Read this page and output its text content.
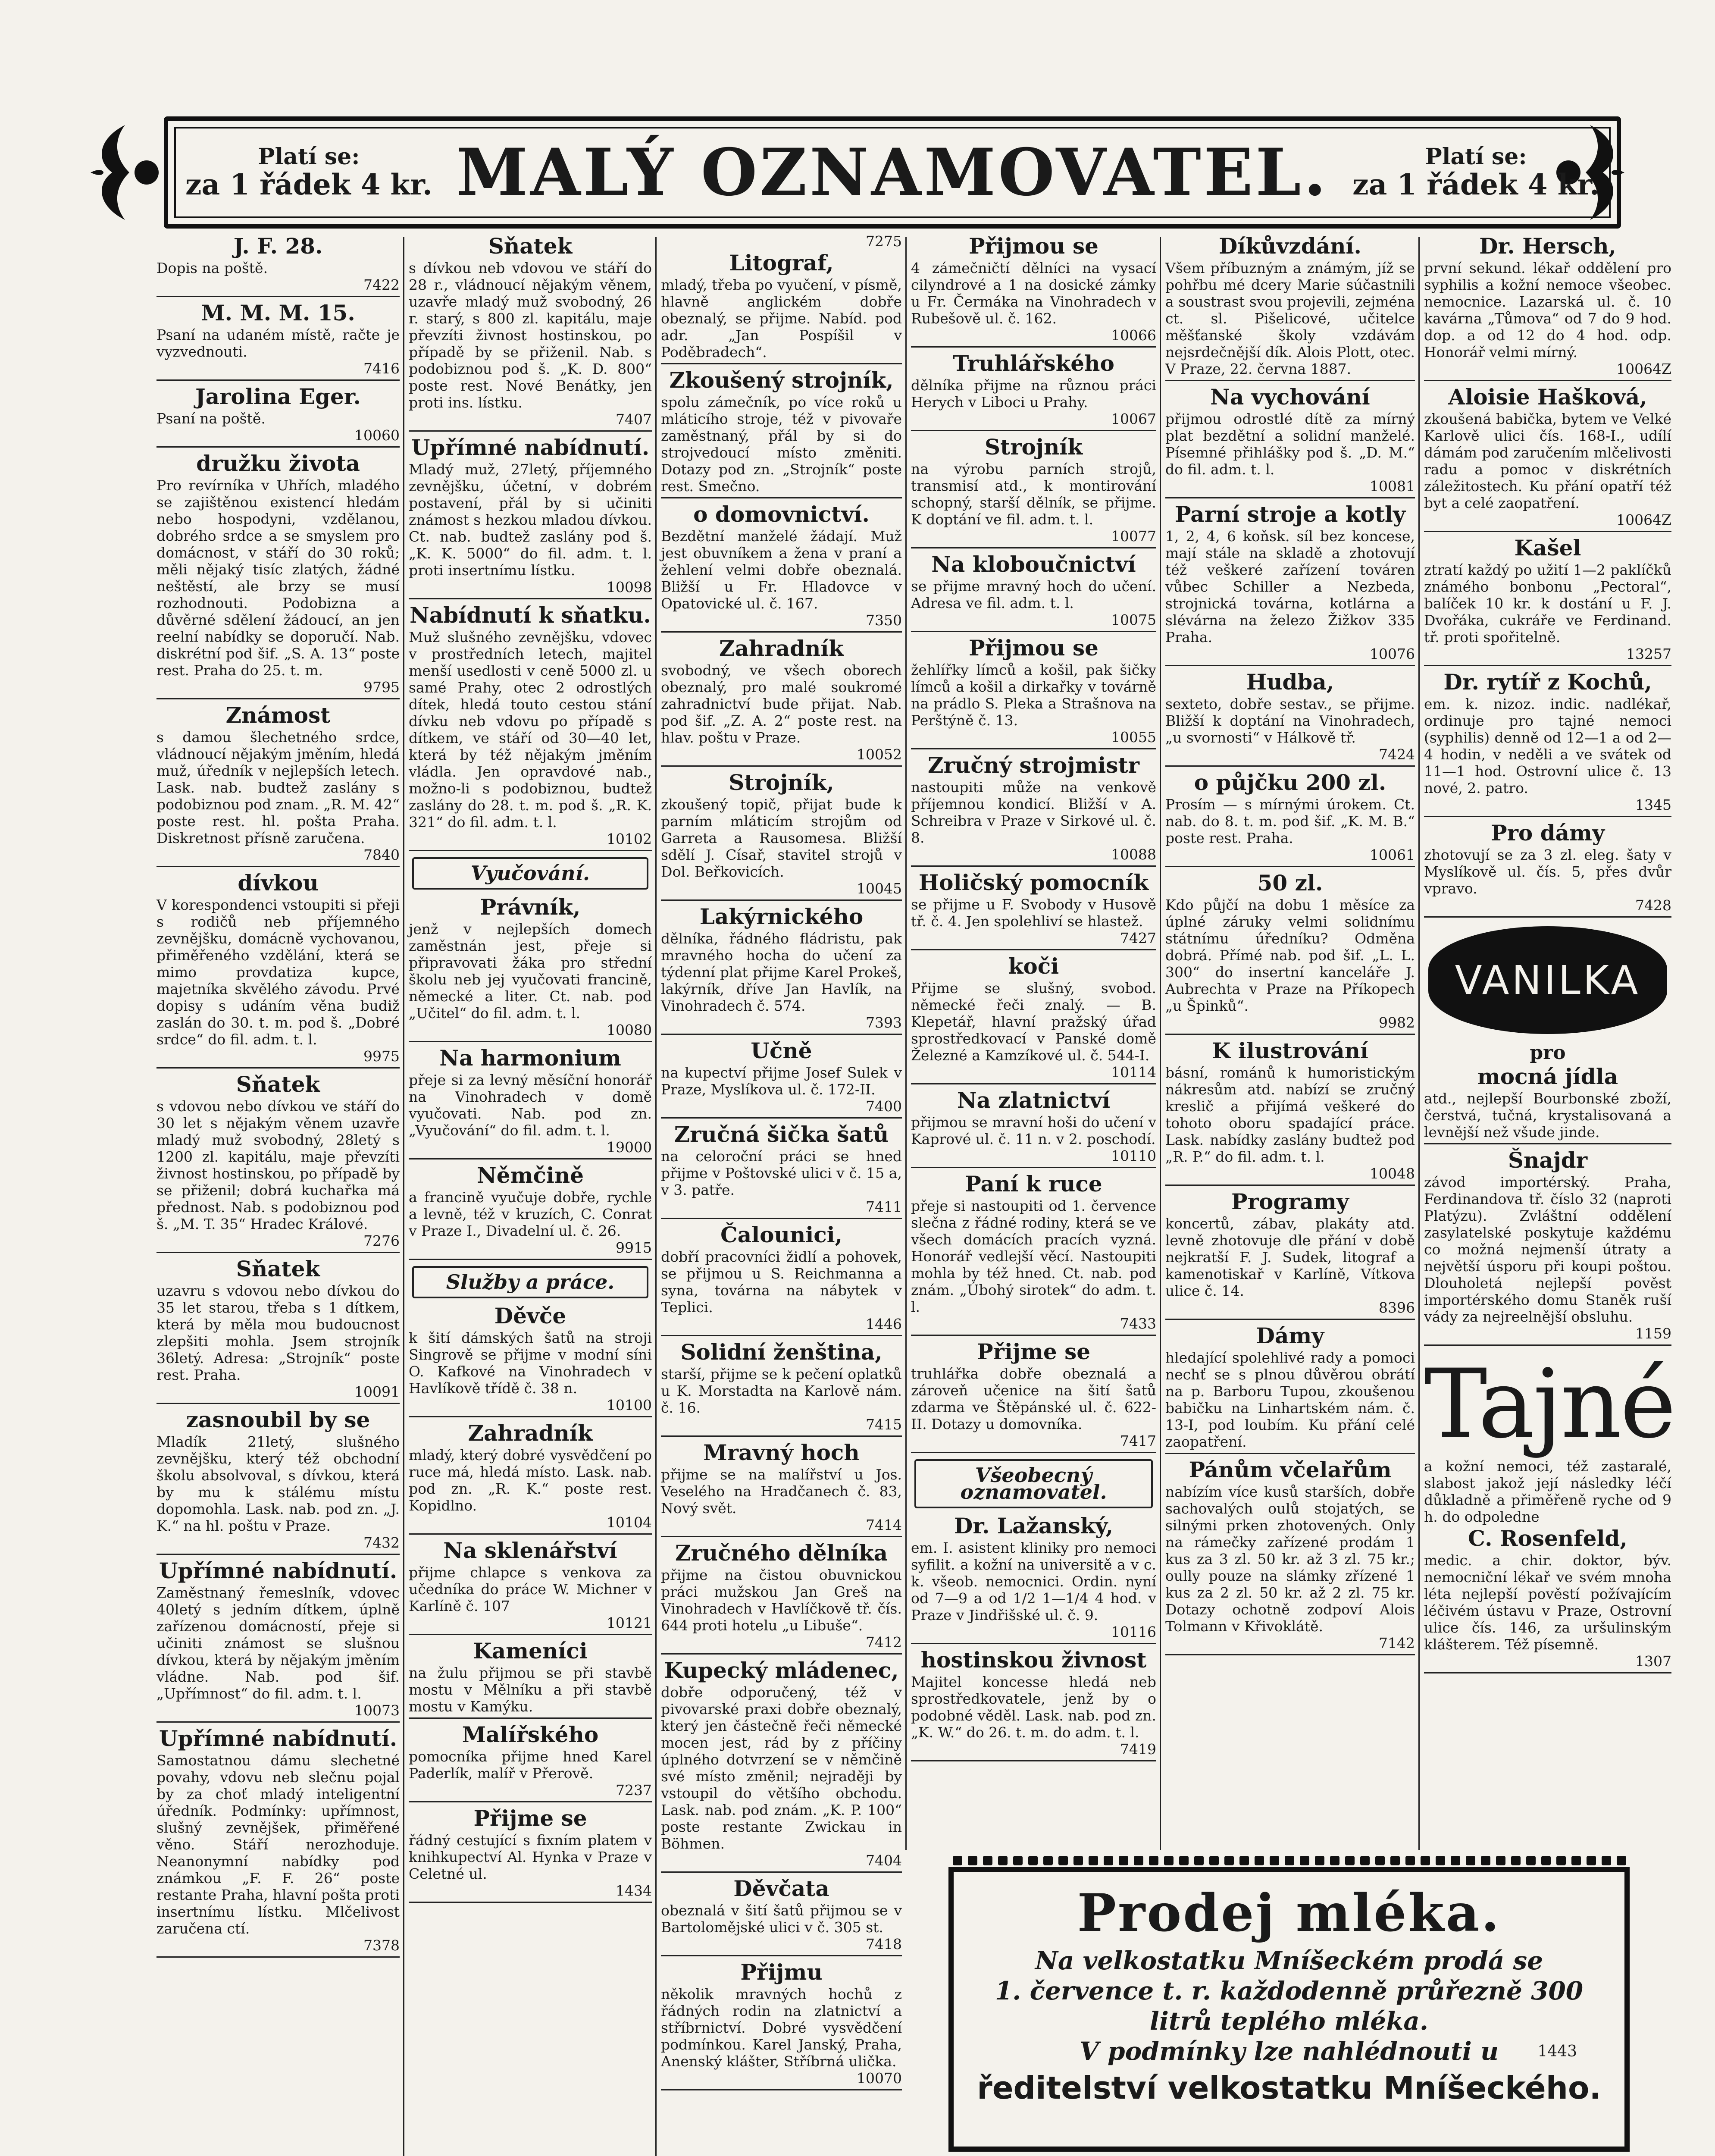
Platí se:
za 1 řádek 4 kr. MALÝ OZNAMOVATEL.	Platí se:
za 1 řádek 4 kr.
J. F. 28.

Dopis na poště.

7422
M. M. M. 15.

Psaní na udaném místě, račte je vyzvednouti.

7416
Jarolina Eger.

Psaní na poště.

10060
družku života

Pro revírníka v Uhřích, mladého se zajištěnou existencí hledám nebo hospodyni, vzdělanou, dobrého srdce a se smyslem pro domácnost, v stáří do 30 roků; měli nějaký tisíc zlatých, žádné neštěstí, ale brzy se musí rozhodnouti. Podobizna a důvěrné sdělení žádoucí, an jen reelní nabídky se doporučí. Nab. diskrétní pod šif. „S. A. 13“ poste rest. Praha do 25. t. m.

9795
Známost

s damou šlechetného srdce, vládnoucí nějakým jměním, hledá muž, úředník v nejlepších letech. Lask. nab. budtež zaslány s podobiznou pod znam. „R. M. 42“ poste rest. hl. pošta Praha. Diskretnost přísně zaručena.

7840
dívkou

V korespondenci vstoupiti si přeji s rodičů neb příjemného zevnějšku, domácně vychovanou, přiměřeného vzdělání, která se mimo provdatiza kupce, majetníka skvělého závodu. Prvé dopisy s udáním věna budiž zaslán do 30. t. m. pod š. „Dobré srdce“ do fil. adm. t. l.

9975
Sňatek

s vdovou nebo dívkou ve stáří do 30 let s nějakým věnem uzavře mladý muž svobodný, 28letý s 1200 zl. kapitálu, maje převzíti živnost hostinskou, po případě by se přiženil; dobrá kuchařka má přednost. Nab. s podobiznou pod š. „M. T. 35“ Hradec Králové.

7276
Sňatek

uzavru s vdovou nebo dívkou do 35 let starou, třeba s 1 dítkem, která by měla mou budoucnost zlepšiti mohla. Jsem strojník 36letý. Adresa: „Strojník“ poste rest. Praha.

10091
zasnoubil by se

Mladík 21letý, slušného zevnějšku, který též obchodní školu absolvoval, s dívkou, která by mu k stálému místu dopomohla. Lask. nab. pod zn. „J. K.“ na hl. poštu v Praze.

7432
Upřímné nabídnutí.

Zaměstnaný řemeslník, vdovec 40letý s jedním dítkem, úplně zařízenou domácností, přeje si učiniti známost se slušnou dívkou, která by nějakým jměním vládne. Nab. pod šif. „Upřímnost“ do fil. adm. t. l.

10073
Upřímné nabídnutí.

Samostatnou dámu slechetné povahy, vdovu neb slečnu pojal by za choť mladý inteligentní úředník. Podmínky: upřímnost, slušný zevnějšek, přiměřené věno. Stáří nerozhoduje. Neanonymní nabídky pod známkou „F. F. 26“ poste restante Praha, hlavní pošta proti insertnímu lístku. Mlčelivost zaručena ctí.

7378
Sňatek

s dívkou neb vdovou ve stáří do 28 r., vládnoucí nějakým věnem, uzavře mladý muž svobodný, 26 r. starý, s 800 zl. kapitálu, maje převzíti živnost hostinskou, po případě by se přiženil. Nab. s podobiznou pod š. „K. D. 800“ poste rest. Nové Benátky, jen proti ins. lístku.

7407
Upřímné nabídnutí.

Mladý muž, 27letý, příjemného zevnějšku, účetní, v dobrém postavení, přál by si učiniti známost s hezkou mladou dívkou. Ct. nab. budtež zaslány pod š. „K. K. 5000“ do fil. adm. t. l. proti insertnímu lístku.

10098
Nabídnutí k sňatku.

Muž slušného zevnějšku, vdovec v prostředních letech, majitel menší usedlosti v ceně 5000 zl. u samé Prahy, otec 2 odrostlých dítek, hledá touto cestou stání dívku neb vdovu po případě s dítkem, ve stáří od 30—40 let, která by též nějakým jměním vládla. Jen opravdové nab., možno-li s podobiznou, budtež zaslány do 28. t. m. pod š. „R. K. 321“ do fil. adm. t. l.

10102
Vyučování.
Právník,

jenž v nejlepších domech zaměstnán jest, přeje si připravovati žáka pro střední školu neb jej vyučovati francině, německé a liter. Ct. nab. pod „Učitel“ do fil. adm. t. l.

10080
Na harmonium

přeje si za levný měsíční honorář na Vinohradech v domě vyučovati. Nab. pod zn. „Vyučování“ do fil. adm. t. l.

19000
Němčině

a francině vyučuje dobře, rychle a levně, též v kruzích, C. Conrat v Praze I., Divadelní ul. č. 26.

9915
Služby a práce.
Děvče

k šití dámských šatů na stroji Singrově se přijme v modní síni O. Kafkové na Vinohradech v Havlíkově třídě č. 38 n.

10100
Zahradník

mladý, který dobré vysvědčení po ruce má, hledá místo. Lask. nab. pod zn. „R. K.“ poste rest. Kopidlno.

10104
Na sklenářství

přijme chlapce s venkova za učedníka do práce W. Michner v Karlíně č. 107

10121
Kameníci

na žulu přijmou se při stavbě mostu v Mělníku a při stavbě mostu v Kamýku.

Malířského

pomocníka přijme hned Karel Paderlík, malíř v Přerově.

7237
Přijme se

řádný cestující s fixním platem v knihkupectví Al. Hynka v Praze v Celetné ul.

1434
7275
Litograf,

mladý, třeba po vyučení, v písmě, hlavně anglickém dobře obeznalý, se přijme. Nabíd. pod adr. „Jan Pospíšil v Poděbradech“.

Zkoušený strojník,

spolu zámečník, po více roků u mláticího stroje, též v pivovaře zaměstnaný, přál by si do strojvedoucí místo změniti. Dotazy pod zn. „Strojník“ poste rest. Smečno.

o domovnictví.

Bezdětní manželé žádají. Muž jest obuvníkem a žena v praní a žehlení velmi dobře obeznalá. Bližší u Fr. Hladovce v Opatovické ul. č. 167.

7350
Zahradník

svobodný, ve všech oborech obeznalý, pro malé soukromé zahradnictví bude přijat. Nab. pod šif. „Z. A. 2“ poste rest. na hlav. poštu v Praze.

10052
Strojník,

zkoušený topič, přijat bude k parním mláticím strojům od Garreta a Rausomesa. Bližší sdělí J. Císař, stavitel strojů v Dol. Beřkovicích.

10045
Lakýrnického

dělníka, řádného fládristu, pak mravného hocha do učení za týdenní plat přijme Karel Prokeš, lakýrník, dříve Jan Havlík, na Vinohradech č. 574.

7393
Učně

na kupectví přijme Josef Sulek v Praze, Myslíkova ul. č. 172-II.

7400
Zručná šička šatů

na celoroční práci se hned přijme v Poštovské ulici v č. 15 a, v 3. patře.

7411
Čalounici,

dobří pracovníci židlí a pohovek, se přijmou u S. Reichmanna a syna, továrna na nábytek v Teplici.

1446
Solidní ženština,

starší, přijme se k pečení oplatků u K. Morstadta na Karlově nám. č. 16.

7415
Mravný hoch

přijme se na malířství u Jos. Veselého na Hradčanech č. 83, Nový svět.

7414
Zručného dělníka

přijme na čistou obuvnickou práci mužskou Jan Greš na Vinohradech v Havlíčkově tř. čís. 644 proti hotelu „u Libuše“.

7412
Kupecký mládenec,

dobře odporučený, též v pivovarské praxi dobře obeznalý, který jen částečně řeči německé mocen jest, rád by z příčiny úplného dotvrzení se v němčině své místo změnil; nejraději by vstoupil do většího obchodu. Lask. nab. pod znám. „K. P. 100“ poste restante Zwickau in Böhmen.

7404
Děvčata

obeznalá v šití šatů přijmou se v Bartolomějské ulici v č. 305 st.

7418
Přijmu

několik mravných hochů z řádných rodin na zlatnictví a stříbrnictví. Dobré vysvědčení podmínkou. Karel Janský, Praha, Anenský klášter, Stříbrná ulička.

10070
Přijmou se

4 zámečničtí dělníci na vysací cilyndrové a 1 na dosické zámky u Fr. Čermáka na Vinohradech v Rubešově ul. č. 162.

10066
Truhlářského

dělníka přijme na různou práci Herych v Liboci u Prahy.

10067
Strojník

na výrobu parních strojů, transmisí atd., k montirování schopný, starší dělník, se přijme. K doptání ve fil. adm. t. l.

10077
Na kloboučnictví

se přijme mravný hoch do učení. Adresa ve fil. adm. t. l.

10075
Přijmou se

žehlířky límců a košil, pak šičky límců a košil a dirkařky v továrně na prádlo S. Pleka a Strašnova na Perštýně č. 13.

10055
Zručný strojmistr

nastoupiti může na venkově příjemnou kondicí. Bližší v A. Schreibra v Praze v Sirkové ul. č. 8.

10088
Holičský pomocník

se přijme u F. Svobody v Husově tř. č. 4. Jen spolehliví se hlastež.

7427
koči

Přijme se slušný, svobod. německé řeči znalý. — B. Klepetář, hlavní pražský úřad sprostředkovací v Panské domě Železné a Kamzíkové ul. č. 544-I.

10114
Na zlatnictví

přijmou se mravní hoši do učení v Kaprové ul. č. 11 n. v 2. poschodí.

10110
Paní k ruce

přeje si nastoupiti od 1. července slečna z řádné rodiny, která se ve všech domácích pracích vyzná. Honorář vedlejší věcí. Nastoupiti mohla by též hned. Ct. nab. pod znám. „Úbohý sirotek“ do adm. t. l.

7433
Přijme se

truhlářka dobře obeznalá a zároveň učenice na šití šatů zdarma ve Štěpánské ul. č. 622-II. Dotazy u domovníka.

7417
Všeobecný oznamovatel.
Dr. Lažanský,

em. I. asistent kliniky pro nemoci syfilit. a kožní na universitě a v c. k. všeob. nemocnici. Ordin. nyní od 7—9 a od 1/2 1—1/4 4 hod. v Praze v Jindřišské ul. č. 9.

10116
hostinskou živnost

Majitel koncesse hledá neb sprostředkovatele, jenž by o podobné věděl. Lask. nab. pod zn. „K. W.“ do 26. t. m. do adm. t. l.

7419
Díkůvzdání.

Všem příbuzným a známým, jíž se pohřbu mé dcery Marie súčastnili a soustrast svou projevili, zejména ct. sl. Pišelicové, učitelce měšťanské školy vzdávám nejsrdečnější dík. Alois Plott, otec. V Praze, 22. června 1887.

Na vychování

přijmou odrostlé dítě za mírný plat bezdětní a solidní manželé. Písemné přihlášky pod š. „D. M.“ do fil. adm. t. l.

10081
Parní stroje a kotly

1, 2, 4, 6 koňsk. síl bez koncese, mají stále na skladě a zhotovují též veškeré zařízení továren vůbec Schiller a Nezbeda, strojnická továrna, kotlárna a slévárna na železo Žižkov 335 Praha.

10076
Hudba,

sexteto, dobře sestav., se přijme. Bližší k doptání na Vinohradech, „u svornosti“ v Hálkově tř.

7424
o půjčku 200 zl.

Prosím — s mírnými úrokem. Ct. nab. do 8. t. m. pod šif. „K. M. B.“ poste rest. Praha.

10061
50 zl.

Kdo půjčí na dobu 1 měsíce za úplné záruky velmi solidnímu státnímu úředníku? Odměna dobrá. Přímé nab. pod šif. „L. L. 300“ do insertní kanceláře J. Aubrechta v Praze na Příkopech „u Špinků“.

9982
K ilustrování

básní, románů k humoristickým nákresům atd. nabízí se zručný kreslič a přijímá veškeré do tohoto oboru spadající práce. Lask. nabídky zaslány budtež pod „R. P.“ do fil. adm. t. l.

10048
Programy

koncertů, zábav, plakáty atd. levně zhotovuje dle přání v době nejkratší F. J. Sudek, litograf a kamenotiskař v Karlíně, Vítkova ulice č. 14.

8396
Dámy

hledající spolehlivé rady a pomoci nechť se s plnou důvěrou obrátí na p. Barboru Tupou, zkoušenou babičku na Linhartském nám. č. 13-I, pod loubím. Ku přání celé zaopatření.

Pánům včelařům

nabízím více kusů starších, dobře sachovalých oulů stojatých, se silnými prken zhotovených. Only na rámečky zařízené prodám 1 kus za 3 zl. 50 kr. až 3 zl. 75 kr.; oully pouze na slámky zřízené 1 kus za 2 zl. 50 kr. až 2 zl. 75 kr. Dotazy ochotně zodpoví Alois Tolmann v Křivoklátě.

7142
Dr. Hersch,

první sekund. lékař oddělení pro syphilis a kožní nemoce všeobec. nemocnice. Lazarská ul. č. 10 kavárna „Tůmova“ od 7 do 9 hod. dop. a od 12 do 4 hod. odp. Honorář velmi mírný.

10064Z
Aloisie Hašková,

zkoušená babička, bytem ve Velké Karlově ulici čís. 168-I., udílí dámám pod zaručením mlčelivosti radu a pomoc v diskrétních záležitostech. Ku přání opatří též byt a celé zaopatření.

10064Z
Kašel

ztratí každý po užití 1—2 paklíčků známého bonbonu „Pectoral“, balíček 10 kr. k dostání u F. J. Dvořáka, cukráře ve Ferdinand. tř. proti spořitelně.

13257
Dr. rytíř z Kochů,

em. k. nizoz. indic. nadlékař, ordinuje pro tajné nemoci (syphilis) denně od 12—1 a od 2—4 hodin, v neděli a ve svátek od 11—1 hod. Ostrovní ulice č. 13 nové, 2. patro.

1345
Pro dámy

zhotovují se za 3 zl. eleg. šaty v Myslíkově ul. čís. 5, přes dvůr vpravo.

7428
VANILKA
pro
mocná jídla

atd., nejlepší Bourbonské zboží, čerstvá, tučná, krystalisovaná a levnější než všude jinde.

Šnajdr

závod importérský. Praha, Ferdinandova tř. číslo 32 (naproti Platýzu). Zvláštní oddělení zasylatelské poskytuje každému co možná nejmenší útraty a největší úsporu při koupi poštou. Dlouholetá nejlepší pověst importérského domu Staněk ruší vády za nejreelnější obsluhu.

1159
Tajné

a kožní nemoci, též zastaralé, slabost jakož její následky léčí důkladně a přiměřeně ryche od 9 h. do odpoledne

C. Rosenfeld,

medic. a chir. doktor, býv. nemocniční lékař ve svém mnoha léta nejlepší pověstí požívajícím léčivém ústavu v Praze, Ostrovní ulice čís. 146, za uršulinským klášterem. Též písemně.

1307
Prodej mléka.
Na velkostatku Mníšeckém prodá se
1. července t. r. každodenně průřezně 300
litrů teplého mléka.
1443
V podmínky lze nahlédnouti u
ředitelství velkostatku Mníšeckého.
